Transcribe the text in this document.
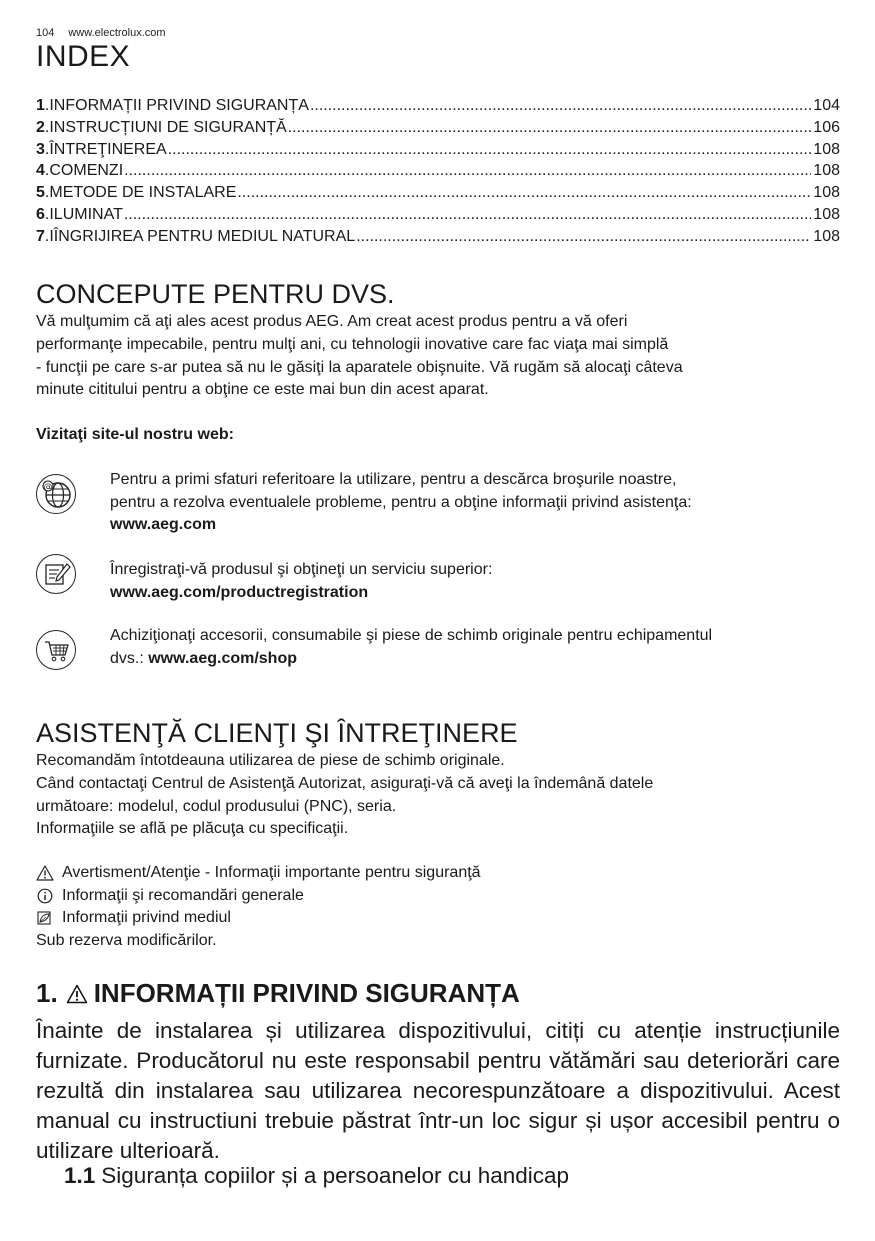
104 www.electrolux.com
INDEX
1 . INFORMAȚII PRIVIND SIGURANȚA .....	104
2 . INSTRUCȚIUNI DE SIGURANȚĂ .....	106
3 . ÎNTREŢINEREA .....	108
4 . COMENZI .....	108
5 . METODE DE INSTALARE .....	108
6 . ILUMINAT .....	108
7 . IÎNGRIJIREA PENTRU MEDIUL NATURAL .....	108
CONCEPUTE PENTRU DVS.
Vă mulţumim că aţi ales acest produs AEG. Am creat acest produs pentru a vă oferi
performanţe impecabile, pentru mulţi ani, cu tehnologii inovative care fac viaţa mai simplă
- funcţii pe care s-ar putea să nu le găsiţi la aparatele obişnuite. Vă rugăm să alocaţi câteva
minute cititului pentru a obţine ce este mai bun din acest aparat.
Vizitaţi site-ul nostru web:
@	Pentru a primi sfaturi referitoare la utilizare, pentru a descărca broşurile noastre,
pentru a rezolva eventualele probleme, pentru a obţine informaţii privind asistenţa:
www.aeg.com
Înregistraţi-vă produsul şi obţineţi un serviciu superior:
www.aeg.com/productregistration
Achiziţionaţi accesorii, consumabile şi piese de schimb originale pentru echipamentul
dvs.: www.aeg.com/shop
ASISTENŢĂ CLIENŢI ŞI ÎNTREŢINERE
Recomandăm întotdeauna utilizarea de piese de schimb originale.
Când contactaţi Centrul de Asistenţă Autorizat, asiguraţi-vă că aveţi la îndemână datele
următoare: modelul, codul produsului (PNC), seria.
Informaţiile se află pe plăcuţa cu specificaţii.
Avertisment/Atenţie - Informaţii importante pentru siguranţă
Informaţii şi recomandări generale
Informaţii privind mediul
Sub rezerva modificărilor.
1. INFORMAȚII PRIVIND SIGURANȚA
Înainte de instalarea și utilizarea dispozitivului, citiți cu atenție instrucțiunile furnizate. Producătorul nu este responsabil pentru vătămări sau deteriorări care rezultă din instalarea sau utilizarea necorespunzătoare a dispozitivului. Acest manual cu instructiuni trebuie păstrat într-un loc sigur și ușor accesibil pentru o utilizare ulterioară.
1.1 Siguranța copiilor și a persoanelor cu handicap
